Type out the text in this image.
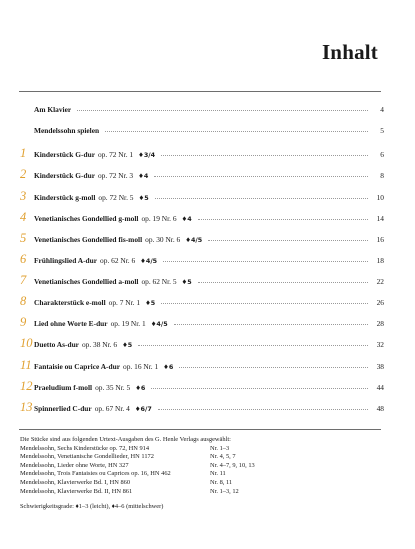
Inhalt
Am Klavier	4
Mendelssohn spielen	5
1	Kinderstück G-dur op. 72 Nr. 1 ♦3/4	6
2	Kinderstück G-dur op. 72 Nr. 3 ♦4	8
3	Kinderstück g-moll op. 72 Nr. 5 ♦5	10
4	Venetianisches Gondellied g-moll op. 19 Nr. 6 ♦4	14
5	Venetianisches Gondellied fis-moll op. 30 Nr. 6 ♦4/5	16
6	Frühlingslied A-dur op. 62 Nr. 6 ♦4/5	18
7	Venetianisches Gondellied a-moll op. 62 Nr. 5 ♦5	22
8	Charakterstück e-moll op. 7 Nr. 1 ♦5	26
9	Lied ohne Worte E-dur op. 19 Nr. 1 ♦4/5	28
10 Duetto As-dur op. 38 Nr. 6 ♦5	32
11 Fantaisie ou Caprice A-dur op. 16 Nr. 1 ♦6	38
12 Praeludium f-moll op. 35 Nr. 5 ♦6	44
13 Spinnerlied C-dur op. 67 Nr. 4 ♦6/7	48
Die Stücke sind aus folgenden Urtext-Ausgaben des G. Henle Verlags ausgewählt:
Mendelssohn, Sechs Kinderstücke op. 72, HN 914	Nr. 1–3
Mendelssohn, Venetianische Gondellieder, HN 1172	Nr. 4, 5, 7
Mendelssohn, Lieder ohne Worte, HN 327	Nr. 4–7, 9, 10, 13
Mendelssohn, Trois Fantaisies ou Caprices op. 16, HN 462	Nr. 11
Mendelssohn, Klavierwerke Bd. I, HN 860	Nr. 8, 11
Mendelssohn, Klavierwerke Bd. II, HN 861	Nr. 1–3, 12
Schwierigkeitsgrade: ♦1–3 (leicht), ♦4–6 (mittelschwer)
